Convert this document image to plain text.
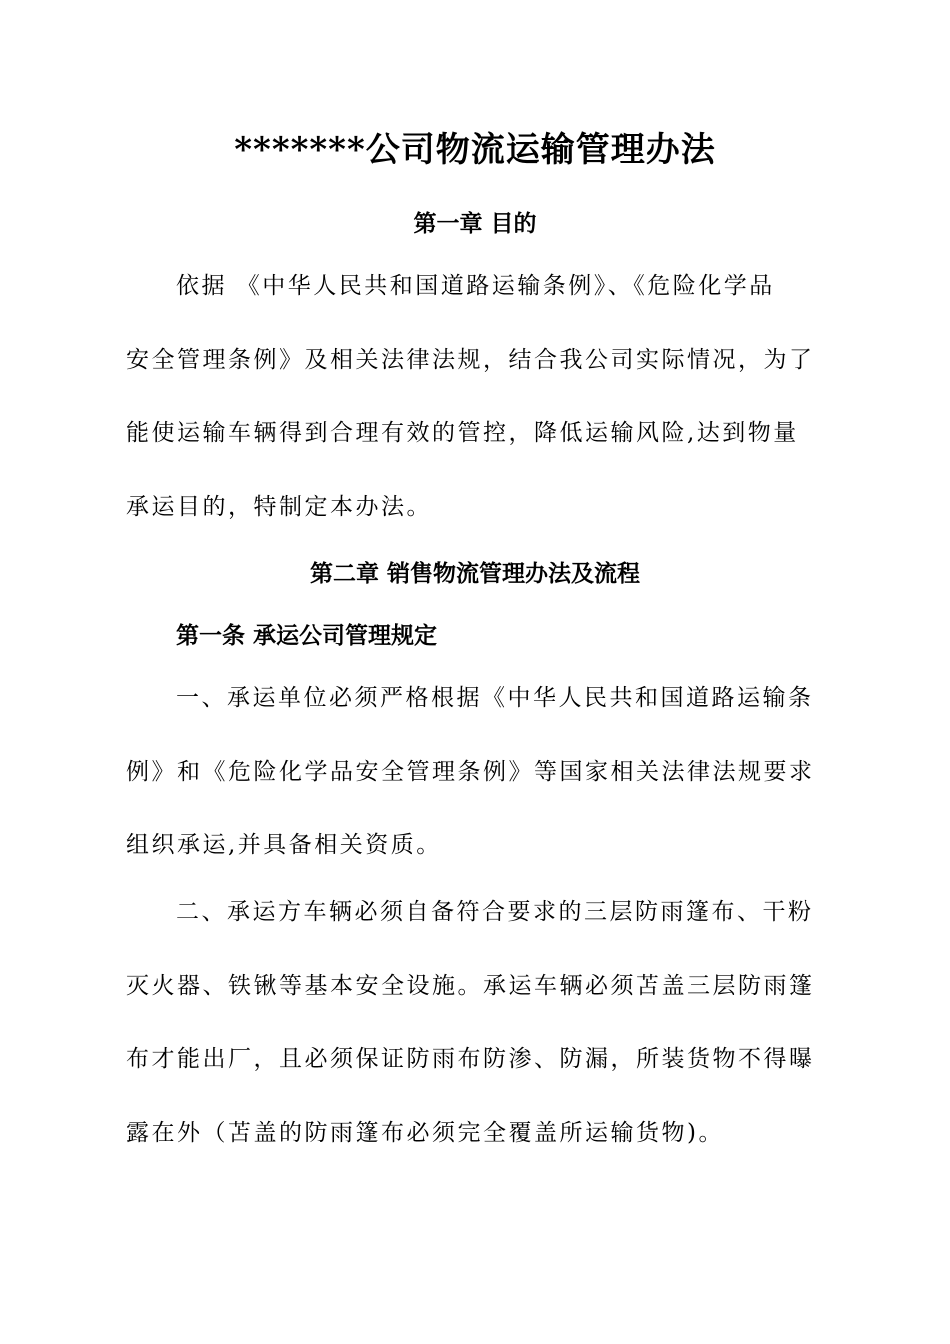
*******公司物流运输管理办法
第一章 目的
依据 《中华人民共和国道路运输条例》、《危险化学品
安全管理条例》及相关法律法规，结合我公司实际情况，为了
能使运输车辆得到合理有效的管控，降低运输风险,达到物量
承运目的，特制定本办法。
第二章 销售物流管理办法及流程
第一条 承运公司管理规定
一、承运单位必须严格根据《中华人民共和国道路运输条
例》和《危险化学品安全管理条例》等国家相关法律法规要求
组织承运,并具备相关资质。
二、承运方车辆必须自备符合要求的三层防雨篷布、干粉
灭火器、铁锹等基本安全设施。承运车辆必须苫盖三层防雨篷
布才能出厂，且必须保证防雨布防渗、防漏，所装货物不得曝
露在外（苫盖的防雨篷布必须完全覆盖所运输货物)。
